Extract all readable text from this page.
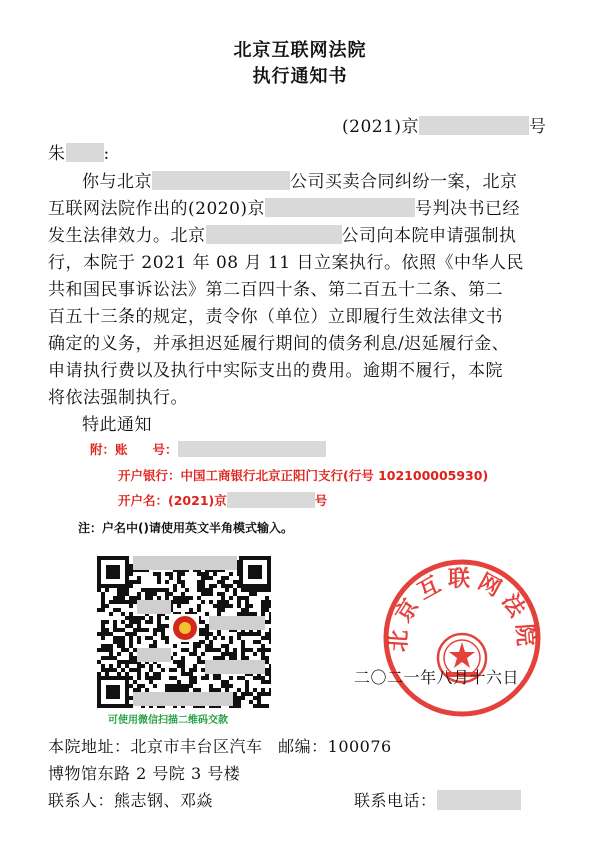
北京互联网法院
执行通知书
(2021)京	号
朱 :
你与北京	公司买卖合同纠纷一案，北京
互联网法院作出的(2020)京	号判决书已经
发生法律效力。北京	公司向本院申请强制执
行，本院于 2021 年 08 月 11 日立案执行。依照《中华人民
共和国民事诉讼法》第二百四十条、第二百五十二条、第二
百五十三条的规定，责令你（单位）立即履行生效法律文书
确定的义务，并承担迟延履行期间的债务利息/迟延履行金、
申请执行费以及执行中实际支出的费用。逾期不履行，本院
将依法强制执行。
特此通知
附：账　　号：
开户银行：中国工商银行北京正阳门支行(行号 102100005930)
开户名：(2021)京	号
注：户名中()请使用英文半角模式输入。
可使用微信扫描二维码交款
北京互联网法院
二〇二一年八月十六日
本院地址：北京市丰台区汽车 邮编：100076
博物馆东路 2 号院 3 号楼
联系人：熊志钢、邓焱	联系电话：
